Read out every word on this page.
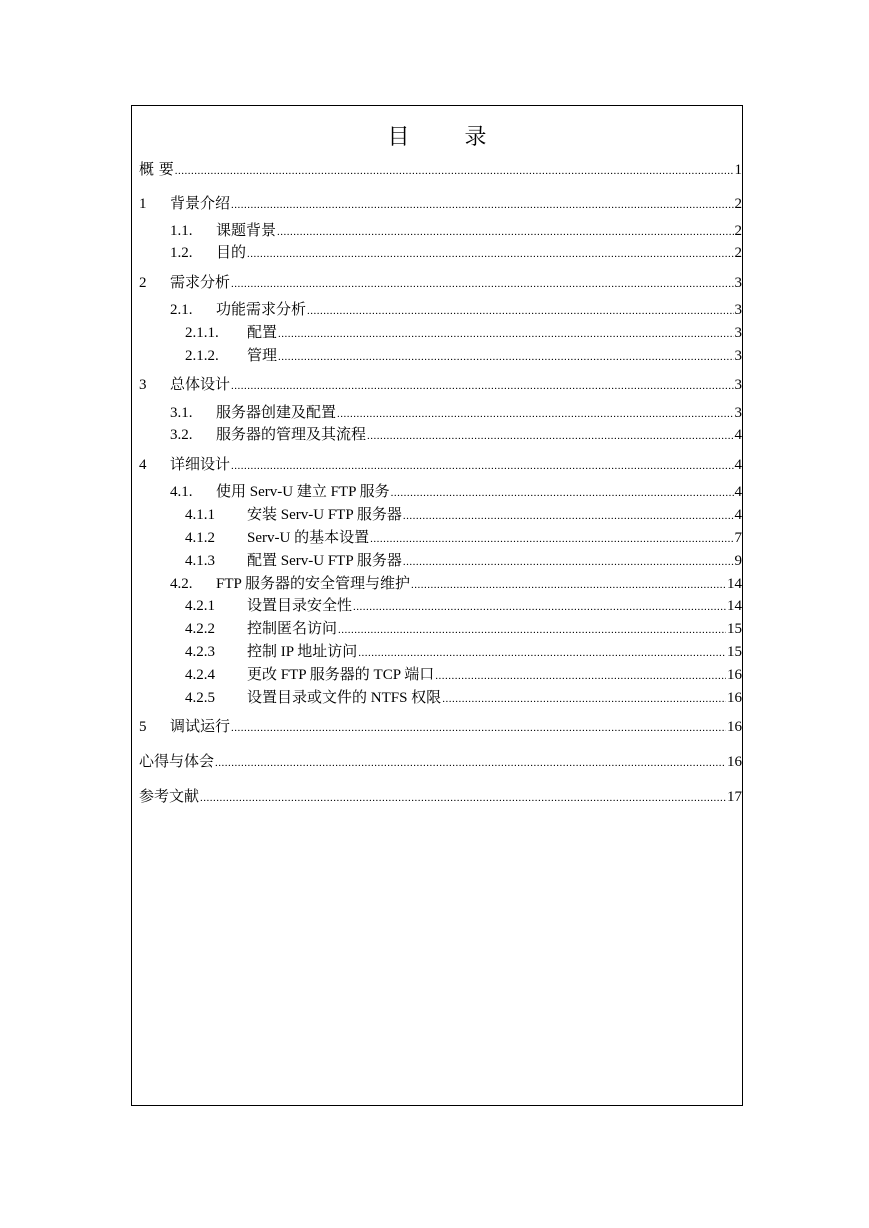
目 录
概 要 .....	1
1	背景介绍 .....	2
1.1.	课题背景 .....	2
1.2.	目的 .....	2
2	需求分析 .....	3
2.1.	功能需求分析 .....	3
2.1.1.	配置 .....	3
2.1.2.	管理 .....	3
3	总体设计 .....	3
3.1.	服务器创建及配置 .....	3
3.2.	服务器的管理及其流程 .....	4
4	详细设计 .....	4
4.1.	使用 Serv-U 建立 FTP 服务 .....	4
4.1.1	安装 Serv-U FTP 服务器 .....	4
4.1.2	Serv-U 的基本设置 .....	7
4.1.3	配置 Serv-U FTP 服务器 .....	9
4.2.	FTP 服务器的安全管理与维护 .....	14
4.2.1	设置目录安全性 .....	14
4.2.2	控制匿名访问 .....	15
4.2.3	控制 IP 地址访问 .....	15
4.2.4	更改 FTP 服务器的 TCP 端口 .....	16
4.2.5	设置目录或文件的 NTFS 权限 .....	16
5	调试运行 .....	16
心得与体会 .....	16
参考文献 .....	17
